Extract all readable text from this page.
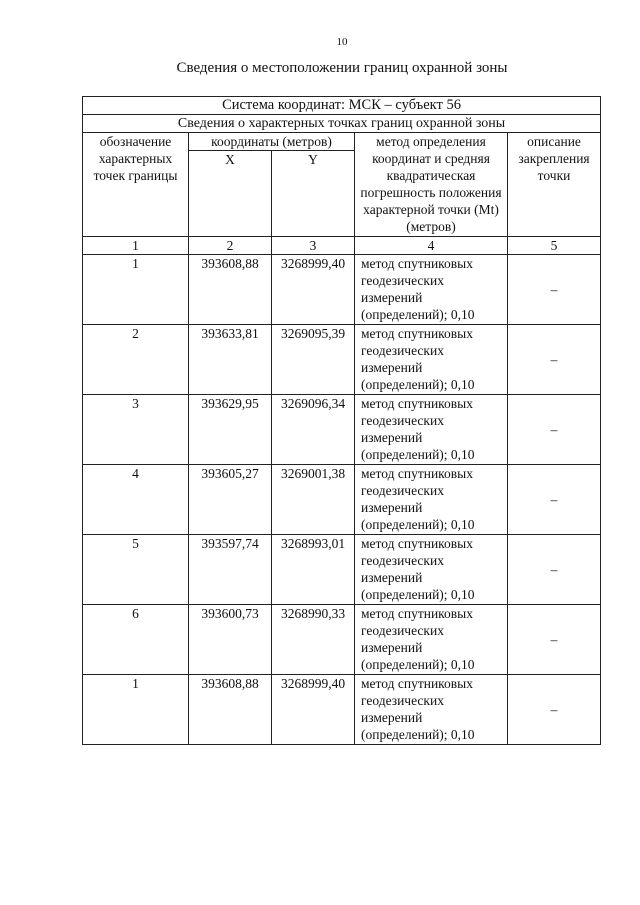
10
Сведения о местоположении границ охранной зоны
Система координат: МСК – субъект 56				
Сведения о характерных точках границ охранной зоны				
обозначение характерных точек границы	координаты (метров)		метод определения координат и средняя квадратическая погрешность положения характерной точки (Mt) (метров)	описание закрепления точки
	X	Y		
1	2	3	4	5
1	393608,88	3268999,40	метод спутниковых геодезических измерений (определений); 0,10	–
2	393633,81	3269095,39	метод спутниковых геодезических измерений (определений); 0,10	–
3	393629,95	3269096,34	метод спутниковых геодезических измерений (определений); 0,10	–
4	393605,27	3269001,38	метод спутниковых геодезических измерений (определений); 0,10	–
5	393597,74	3268993,01	метод спутниковых геодезических измерений (определений); 0,10	–
6	393600,73	3268990,33	метод спутниковых геодезических измерений (определений); 0,10	–
1	393608,88	3268999,40	метод спутниковых геодезических измерений (определений); 0,10	–
